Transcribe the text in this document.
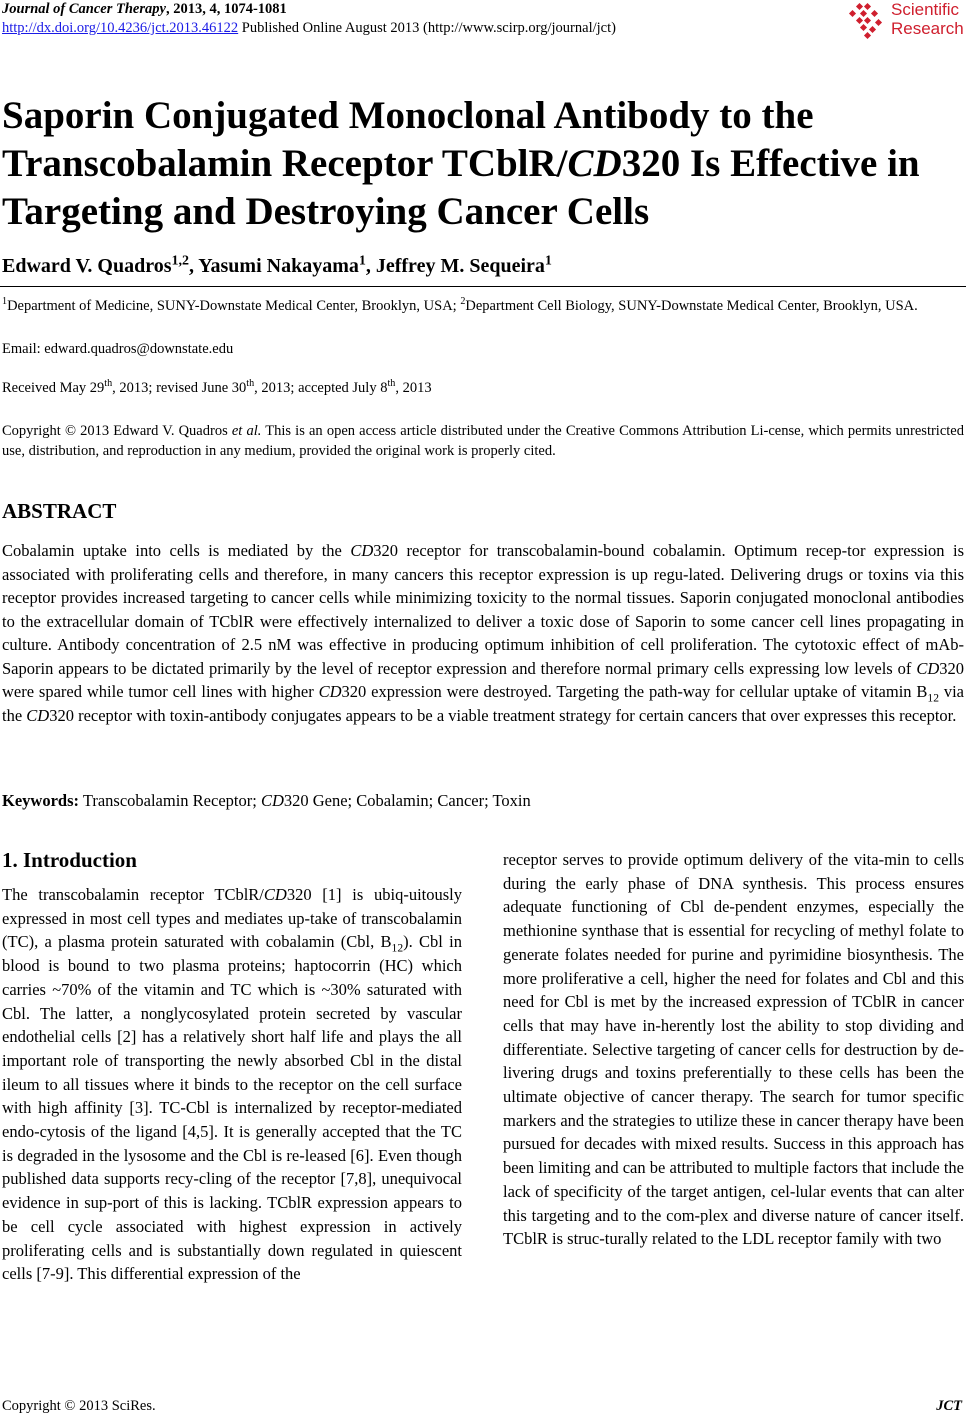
Journal of Cancer Therapy, 2013, 4, 1074-1081
http://dx.doi.org/10.4236/jct.2013.46122 Published Online August 2013 (http://www.scirp.org/journal/jct)
Scientific
Research
Saporin Conjugated Monoclonal Antibody to the
Transcobalamin Receptor TCblR/CD320 Is Effective in
Targeting and Destroying Cancer Cells
Edward V. Quadros$^{1,2}$, Yasumi Nakayama$^1$, Jeffrey M. Sequeira$^1$
$^1$Department of Medicine, SUNY-Downstate Medical Center, Brooklyn, USA; $^2$Department Cell Biology, SUNY-Downstate Medical Center, Brooklyn, USA.
Email: edward.quadros@downstate.edu
Received May 29th, 2013; revised June 30th, 2013; accepted July 8th, 2013
Copyright © 2013 Edward V. Quadros et al. This is an open access article distributed under the Creative Commons Attribution Li-cense, which permits unrestricted use, distribution, and reproduction in any medium, provided the original work is properly cited.
ABSTRACT
Cobalamin uptake into cells is mediated by the CD320 receptor for transcobalamin-bound cobalamin. Optimum recep-tor expression is associated with proliferating cells and therefore, in many cancers this receptor expression is up regu-lated. Delivering drugs or toxins via this receptor provides increased targeting to cancer cells while minimizing toxicity to the normal tissues. Saporin conjugated monoclonal antibodies to the extracellular domain of TCblR were effectively internalized to deliver a toxic dose of Saporin to some cancer cell lines propagating in culture. Antibody concentration of 2.5 nM was effective in producing optimum inhibition of cell proliferation. The cytotoxic effect of mAb-Saporin appears to be dictated primarily by the level of receptor expression and therefore normal primary cells expressing low levels of CD320 were spared while tumor cell lines with higher CD320 expression were destroyed. Targeting the path-way for cellular uptake of vitamin $B_{12}$ via the CD320 receptor with toxin-antibody conjugates appears to be a viable treatment strategy for certain cancers that over expresses this receptor.
Keywords: Transcobalamin Receptor; CD320 Gene; Cobalamin; Cancer; Toxin
1. Introduction
The transcobalamin receptor TCblR/CD320 [1] is ubiq-uitously expressed in most cell types and mediates up-take of transcobalamin (TC), a plasma protein saturated with cobalamin (Cbl, $B_{12}$). Cbl in blood is bound to two plasma proteins; haptocorrin (HC) which carries ~70% of the vitamin and TC which is ~30% saturated with Cbl. The latter, a nonglycosylated protein secreted by vascular endothelial cells [2] has a relatively short half life and plays the all important role of transporting the newly absorbed Cbl in the distal ileum to all tissues where it binds to the receptor on the cell surface with high affinity [3]. TC-Cbl is internalized by receptor-mediated endo-cytosis of the ligand [4,5]. It is generally accepted that the TC is degraded in the lysosome and the Cbl is re-leased [6]. Even though published data supports recy-cling of the receptor [7,8], unequivocal evidence in sup-port of this is lacking. TCblR expression appears to be cell cycle associated with highest expression in actively proliferating cells and is substantially down regulated in quiescent cells [7-9]. This differential expression of the
receptor serves to provide optimum delivery of the vita-min to cells during the early phase of DNA synthesis. This process ensures adequate functioning of Cbl de-pendent enzymes, especially the methionine synthase that is essential for recycling of methyl folate to generate folates needed for purine and pyrimidine biosynthesis. The more proliferative a cell, higher the need for folates and Cbl and this need for Cbl is met by the increased expression of TCblR in cancer cells that may have in-herently lost the ability to stop dividing and differentiate. Selective targeting of cancer cells for destruction by de-livering drugs and toxins preferentially to these cells has been the ultimate objective of cancer therapy. The search for tumor specific markers and the strategies to utilize these in cancer therapy have been pursued for decades with mixed results. Success in this approach has been limiting and can be attributed to multiple factors that include the lack of specificity of the target antigen, cel-lular events that can alter this targeting and to the com-plex and diverse nature of cancer itself. TCblR is struc-turally related to the LDL receptor family with two
Copyright © 2013 SciRes.	JCT
